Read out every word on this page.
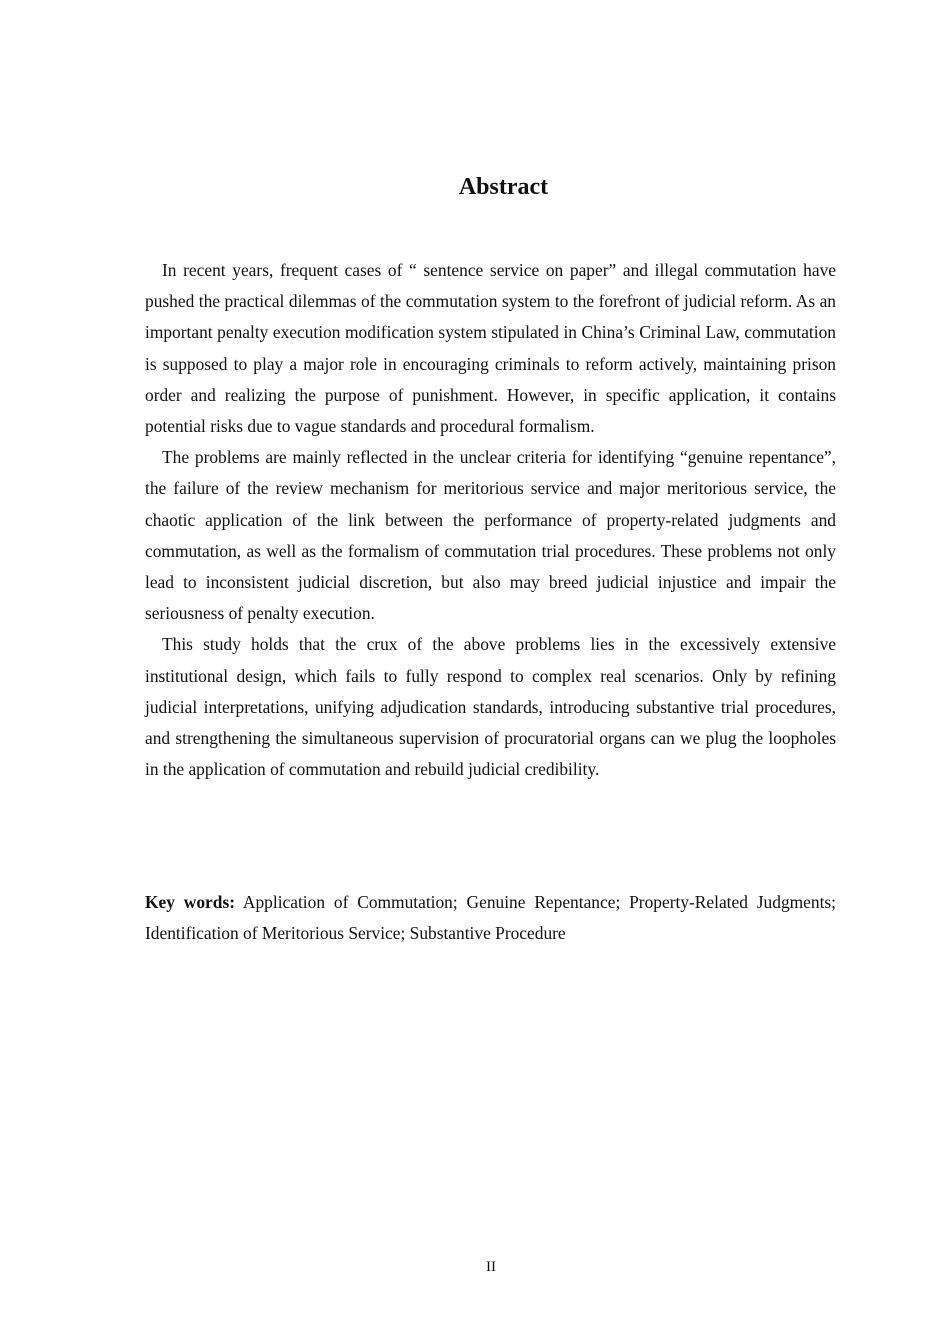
Abstract

In recent years, frequent cases of “ sentence service on paper” and illegal commutation have pushed the practical dilemmas of the commutation system to the forefront of judicial reform. As an important penalty execution modification system stipulated in China’s Criminal Law, commutation is supposed to play a major role in encouraging criminals to reform actively, maintaining prison order and realizing the purpose of punishment. However, in specific application, it contains potential risks due to vague standards and procedural formalism.

The problems are mainly reflected in the unclear criteria for identifying “genuine repentance”, the failure of the review mechanism for meritorious service and major meritorious service, the chaotic application of the link between the performance of property-related judgments and commutation, as well as the formalism of commutation trial procedures. These problems not only lead to inconsistent judicial discretion, but also may breed judicial injustice and impair the seriousness of penalty execution.

This study holds that the crux of the above problems lies in the excessively extensive institutional design, which fails to fully respond to complex real scenarios. Only by refining judicial interpretations, unifying adjudication standards, introducing substantive trial procedures, and strengthening the simultaneous supervision of procuratorial organs can we plug the loopholes in the application of commutation and rebuild judicial credibility.

Key words: Application of Commutation; Genuine Repentance; Property-Related Judgments; Identification of Meritorious Service; Substantive Procedure

II
